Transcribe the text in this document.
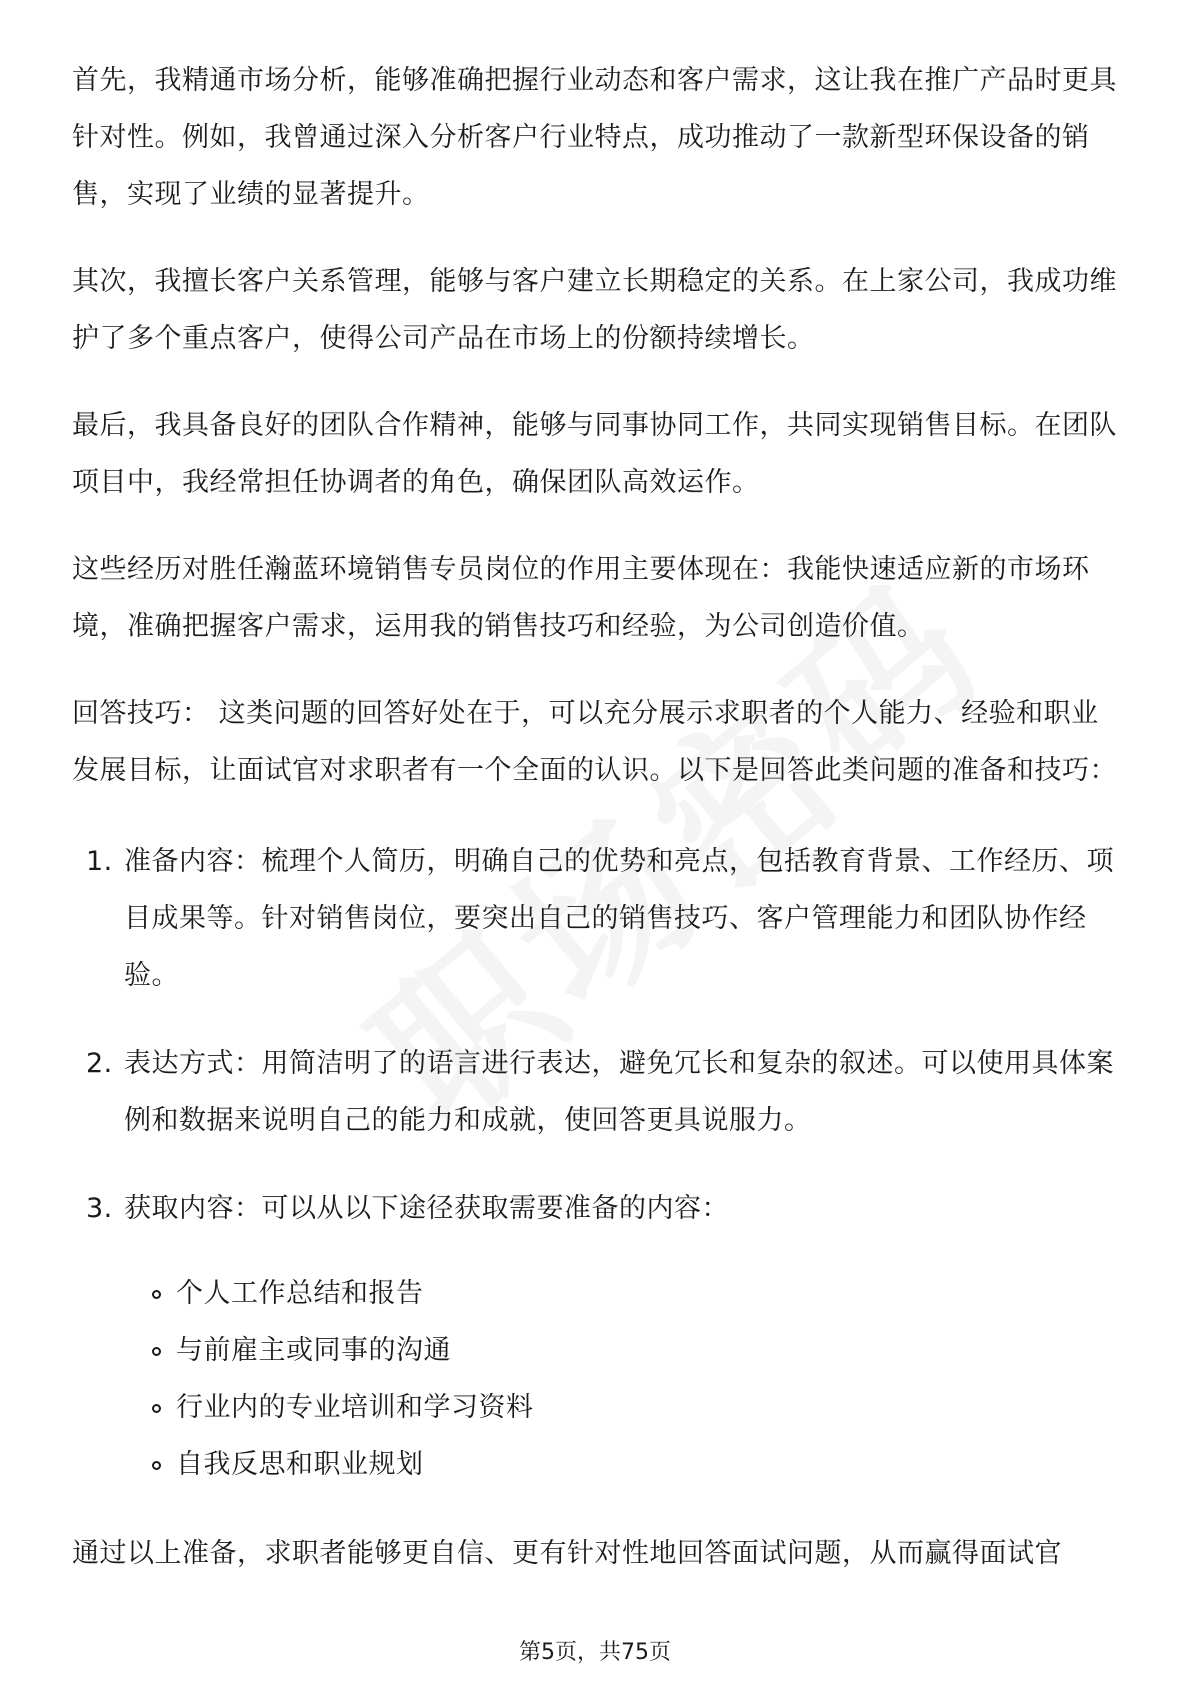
首先，我精通市场分析，能够准确把握行业动态和客户需求，这让我在推广产品时更具针对性。例如，我曾通过深入分析客户行业特点，成功推动了一款新型环保设备的销售，实现了业绩的显著提升。

其次，我擅长客户关系管理，能够与客户建立长期稳定的关系。在上家公司，我成功维护了多个重点客户，使得公司产品在市场上的份额持续增长。

最后，我具备良好的团队合作精神，能够与同事协同工作，共同实现销售目标。在团队项目中，我经常担任协调者的角色，确保团队高效运作。

这些经历对胜任瀚蓝环境销售专员岗位的作用主要体现在：我能快速适应新的市场环境，准确把握客户需求，运用我的销售技巧和经验，为公司创造价值。

回答技巧： 这类问题的回答好处在于，可以充分展示求职者的个人能力、经验和职业发展目标，让面试官对求职者有一个全面的认识。以下是回答此类问题的准备和技巧：

1. 准备内容：梳理个人简历，明确自己的优势和亮点，包括教育背景、工作经历、项目成果等。针对销售岗位，要突出自己的销售技巧、客户管理能力和团队协作经验。
2. 表达方式：用简洁明了的语言进行表达，避免冗长和复杂的叙述。可以使用具体案例和数据来说明自己的能力和成就，使回答更具说服力。
3. 获取内容：可以从以下途径获取需要准备的内容：
个人工作总结和报告
与前雇主或同事的沟通
行业内的专业培训和学习资料
自我反思和职业规划

通过以上准备，求职者能够更自信、更有针对性地回答面试问题，从而赢得面试官

第5页，共75页
